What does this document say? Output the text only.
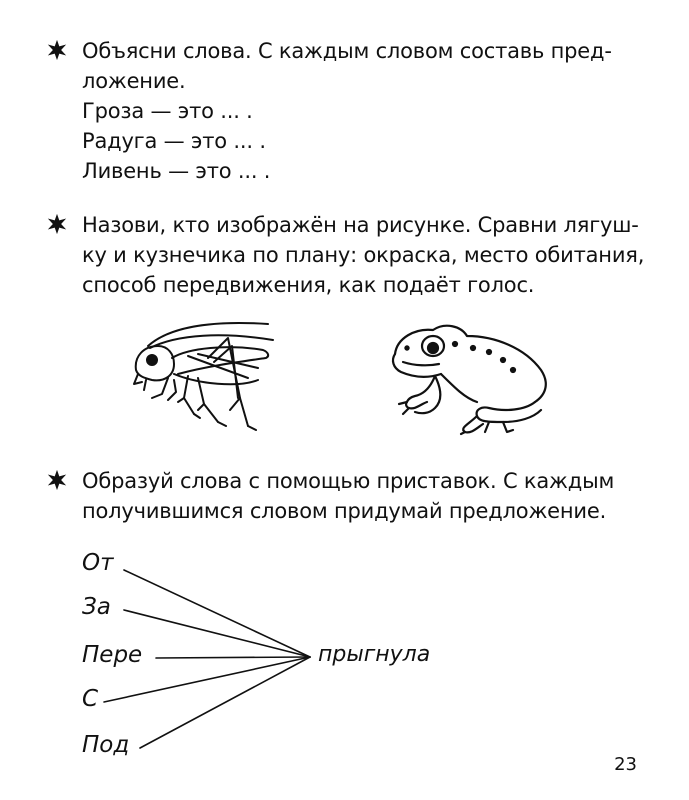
Объясни слова. С каждым словом составь пред-

ложение.

Гроза — это ... .

Радуга — это ... .

Ливень — это ... .

Назови, кто изображён на рисунке. Сравни лягуш-

ку и кузнечика по плану: окраска, место обитания,

способ передвижения, как подаёт голос.

Образуй слова с помощью приставок. С каждым

получившимся словом придумай предложение.

От
За
Пере
С
Под
прыгнула
23
